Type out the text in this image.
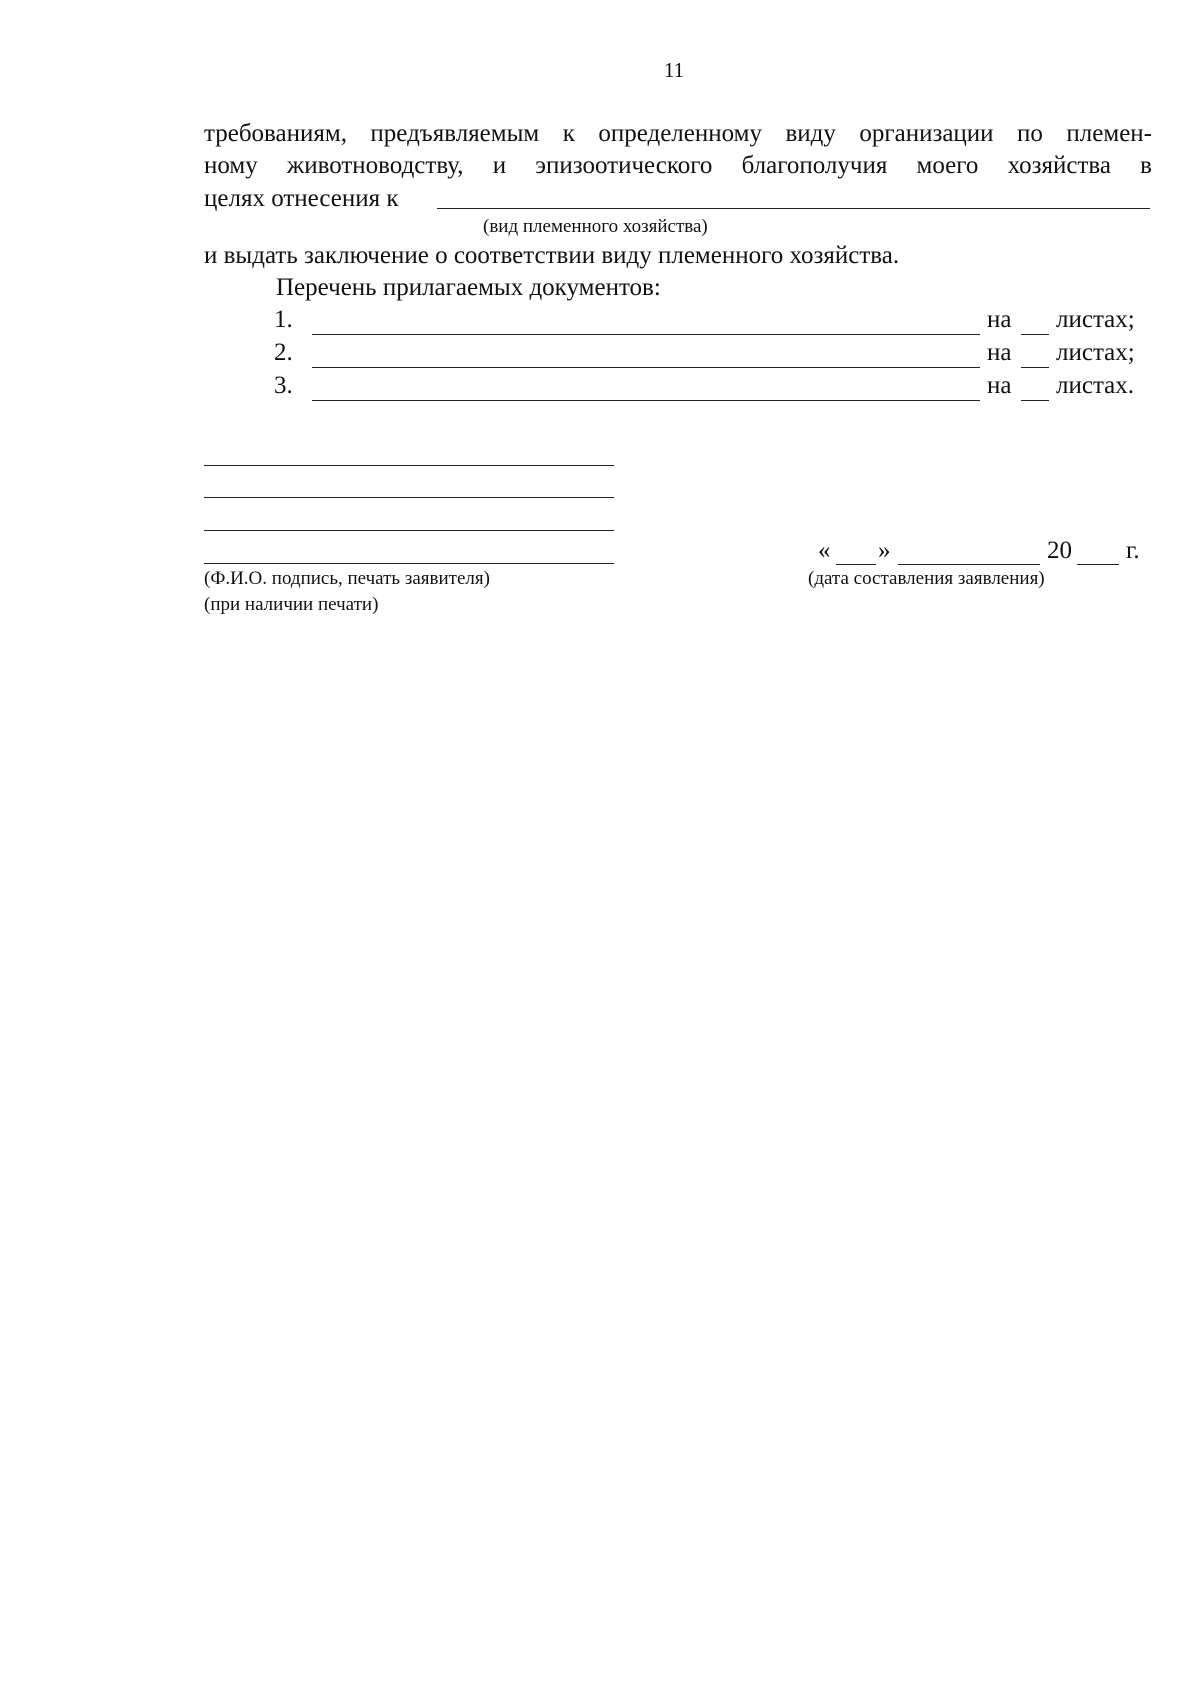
11
требованиям, предъявляемым к определенному виду организации по племен-
ному животноводству, и эпизоотического благополучия моего хозяйства в
целях отнесения к
(вид племенного хозяйства)
и выдать заключение о соответствии виду племенного хозяйства.
Перечень прилагаемых документов:
1.	на листах;
2.	на листах;
3.	на листах.
(Ф.И.О. подпись, печать заявителя)
(при наличии печати)
« »	20 г.
(дата составления заявления)
